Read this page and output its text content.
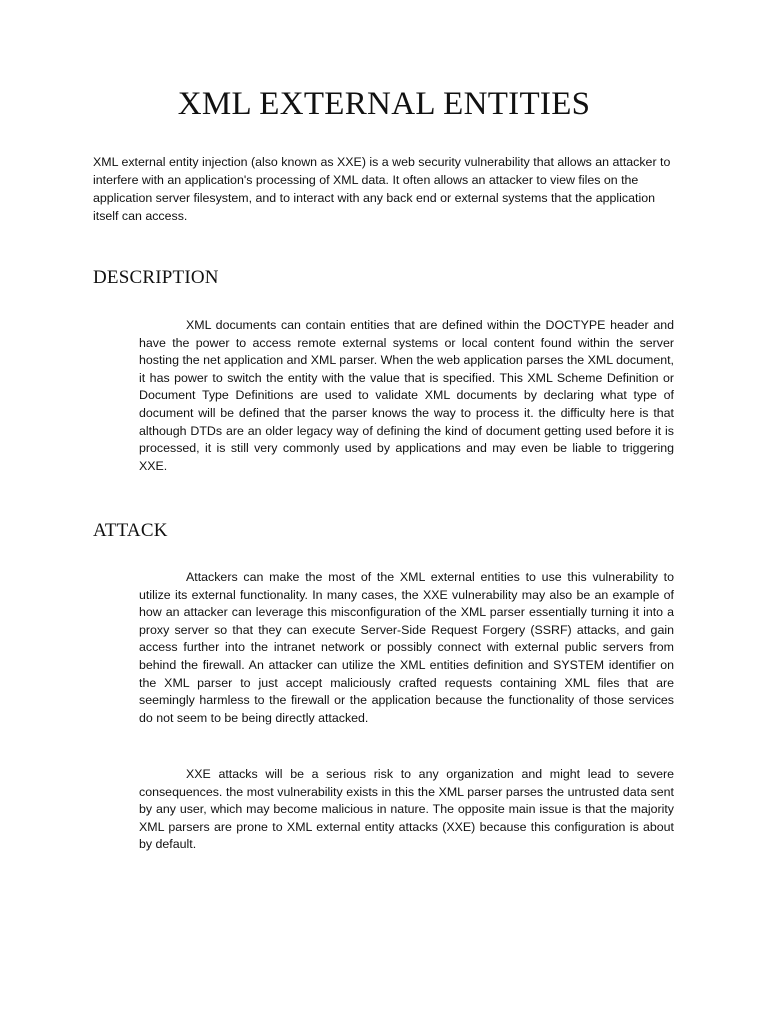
XML EXTERNAL ENTITIES

XML external entity injection (also known as XXE) is a web security vulnerability that allows an attacker to interfere with an application's processing of XML data. It often allows an attacker to view files on the application server filesystem, and to interact with any back end or external systems that the application itself can access.

DESCRIPTION

XML documents can contain entities that are defined within the DOCTYPE header and have the power to access remote external systems or local content found within the server hosting the net application and XML parser. When the web application parses the XML document, it has power to switch the entity with the value that is specified. This XML Scheme Definition or Document Type Definitions are used to validate XML documents by declaring what type of document will be defined that the parser knows the way to process it. the difficulty here is that although DTDs are an older legacy way of defining the kind of document getting used before it is processed, it is still very commonly used by applications and may even be liable to triggering XXE.

ATTACK

Attackers can make the most of the XML external entities to use this vulnerability to utilize its external functionality. In many cases, the XXE vulnerability may also be an example of how an attacker can leverage this misconfiguration of the XML parser essentially turning it into a proxy server so that they can execute Server-Side Request Forgery (SSRF) attacks, and gain access further into the intranet network or possibly connect with external public servers from behind the firewall. An attacker can utilize the XML entities definition and SYSTEM identifier on the XML parser to just accept maliciously crafted requests containing XML files that are seemingly harmless to the firewall or the application because the functionality of those services do not seem to be being directly attacked.

XXE attacks will be a serious risk to any organization and might lead to severe consequences. the most vulnerability exists in this the XML parser parses the untrusted data sent by any user, which may become malicious in nature. The opposite main issue is that the majority XML parsers are prone to XML external entity attacks (XXE) because this configuration is about by default.
